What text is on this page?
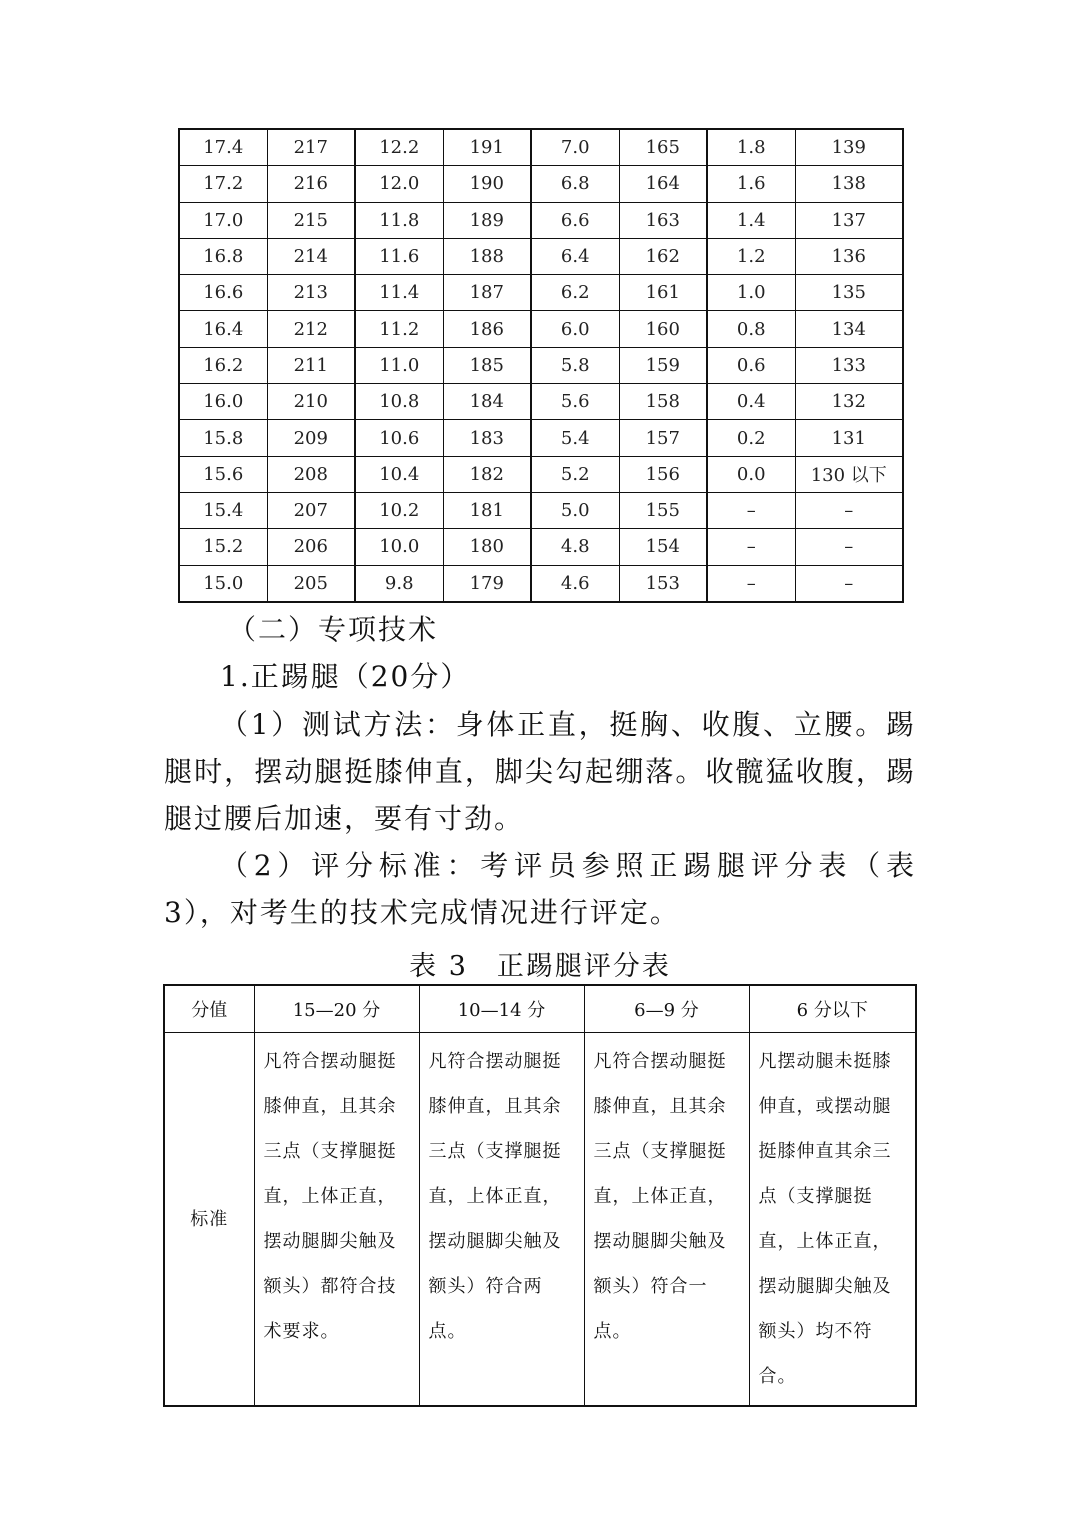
17.4	217	12.2	191	7.0	165	1.8	139
17.2	216	12.0	190	6.8	164	1.6	138
17.0	215	11.8	189	6.6	163	1.4	137
16.8	214	11.6	188	6.4	162	1.2	136
16.6	213	11.4	187	6.2	161	1.0	135
16.4	212	11.2	186	6.0	160	0.8	134
16.2	211	11.0	185	5.8	159	0.6	133
16.0	210	10.8	184	5.6	158	0.4	132
15.8	209	10.6	183	5.4	157	0.2	131
15.6	208	10.4	182	5.2	156	0.0	130 以下
15.4	207	10.2	181	5.0	155	–	–
15.2	206	10.0	180	4.8	154	–	–
15.0	205	9.8	179	4.6	153	–	–

（二）专项技术

1.正踢腿（20分）

（1）测试方法：身体正直，挺胸、收腹、立腰。踢腿时，摆动腿挺膝伸直，脚尖勾起绷落。收髋猛收腹，踢腿过腰后加速，要有寸劲。

（2）评分标准：考评员参照正踢腿评分表（表 3），对考生的技术完成情况进行评定。

表 3　正踢腿评分表

分值	15—20 分	10—14 分	6—9 分	6 分以下
标准	凡符合摆动腿挺膝伸直，且其余三点（支撑腿挺直，上体正直，摆动腿脚尖触及额头）都符合技术要求。	凡符合摆动腿挺膝伸直，且其余三点（支撑腿挺直，上体正直，摆动腿脚尖触及额头）符合两点。	凡符合摆动腿挺膝伸直，且其余三点（支撑腿挺直，上体正直，摆动腿脚尖触及额头）符合一点。	凡摆动腿未挺膝伸直，或摆动腿挺膝伸直其余三点（支撑腿挺直，上体正直，摆动腿脚尖触及额头）均不符合。
